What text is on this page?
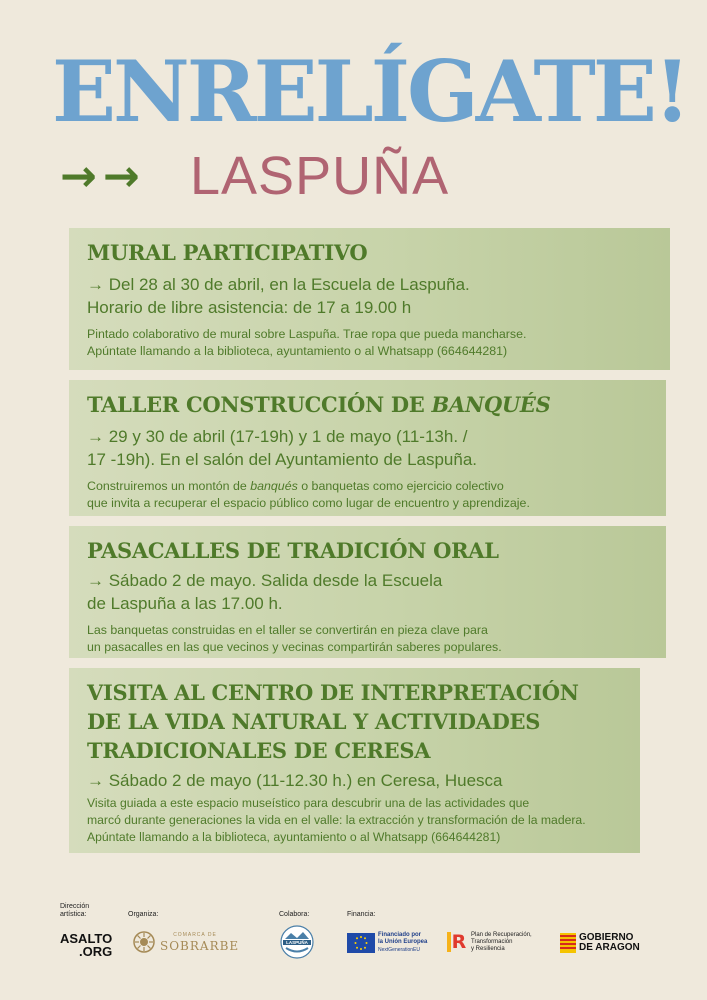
ENRELÍGATE!
→→ LASPUÑA
MURAL PARTICIPATIVO

→ Del 28 al 30 de abril, en la Escuela de Laspuña.
Horario de libre asistencia: de 17 a 19.00 h

Pintado colaborativo de mural sobre Laspuña. Trae ropa que pueda mancharse.
Apúntate llamando a la biblioteca, ayuntamiento o al Whatsapp (664644281)

TALLER CONSTRUCCIÓN DE BANQUÉS

→ 29 y 30 de abril (17-19h) y 1 de mayo (11-13h. /
17 -19h). En el salón del Ayuntamiento de Laspuña.

Construiremos un montón de banqués o banquetas como ejercicio colectivo
que invita a recuperar el espacio público como lugar de encuentro y aprendizaje.

PASACALLES DE TRADICIÓN ORAL

→ Sábado 2 de mayo. Salida desde la Escuela
de Laspuña a las 17.00 h.

Las banquetas construidas en el taller se convertirán en pieza clave para
un pasacalles en las que vecinos y vecinas compartirán saberes populares.

VISITA AL CENTRO DE INTERPRETACIÓN
DE LA VIDA NATURAL Y ACTIVIDADES
TRADICIONALES DE CERESA

→ Sábado 2 de mayo (11-12.30 h.) en Ceresa, Huesca

Visita guiada a este espacio museístico para descubrir una de las actividades que
marcó durante generaciones la vida en el valle: la extracción y transformación de la madera.
Apúntate llamando a la biblioteca, ayuntamiento o al Whatsapp (664644281)

Dirección
artística:
ASALTO
.ORG
Organiza:
COMARCA DE
SOBRARBE
Colabora:
LASPUÑA
Financia:
Financiado por
la Unión Europea
NextGenerationEU R Plan de Recuperación,
Transformación
y Resiliencia
GOBIERNO
DE ARAGON
